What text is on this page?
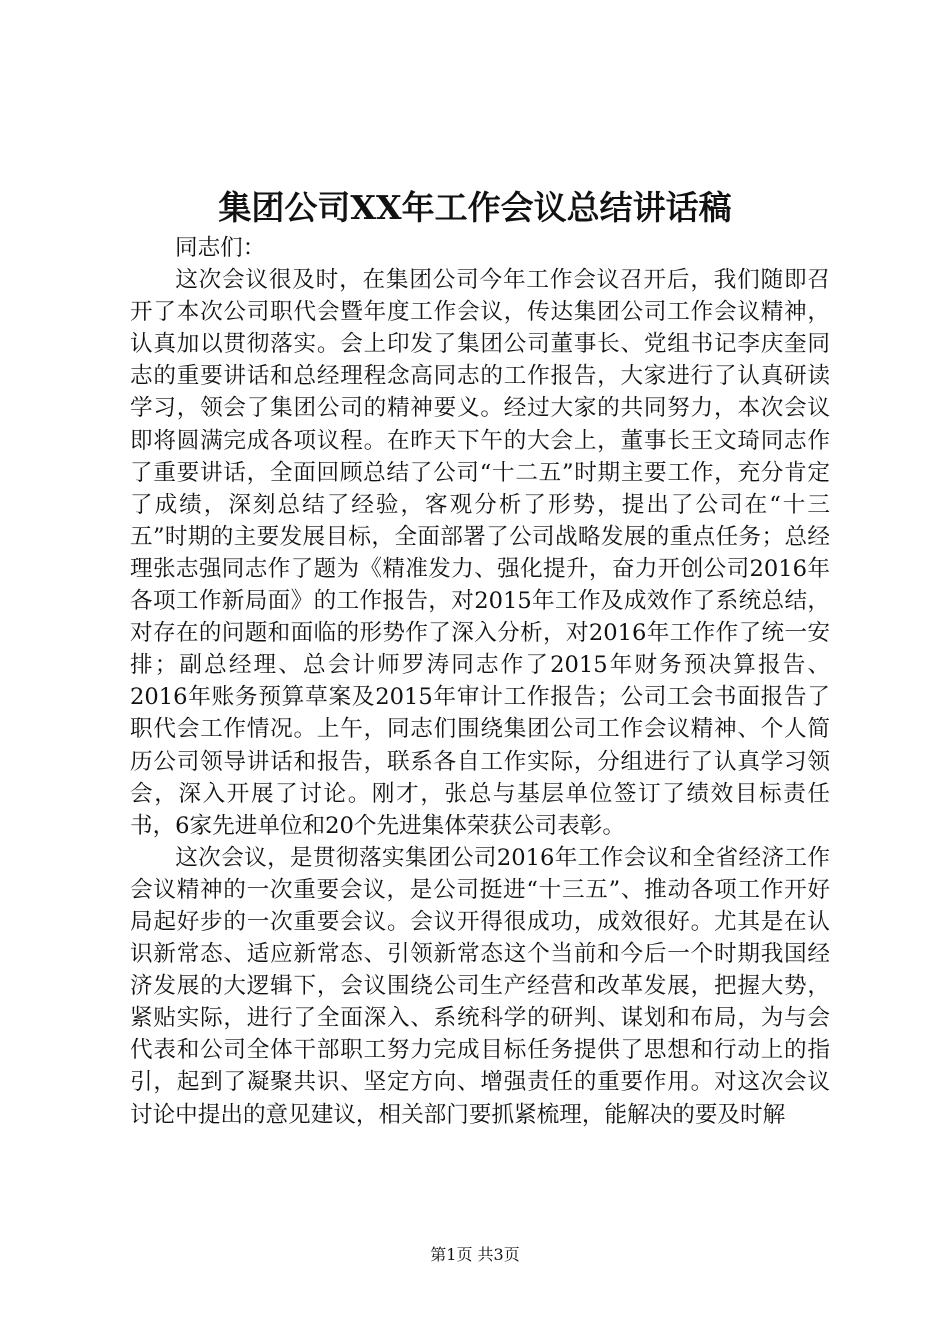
集团公司XX年工作会议总结讲话稿

同志们：

这次会议很及时，在集团公司今年工作会议召开后，我们随即召开了本次公司职代会暨年度工作会议，传达集团公司工作会议精神，认真加以贯彻落实。会上印发了集团公司董事长、党组书记李庆奎同志的重要讲话和总经理程念高同志的工作报告，大家进行了认真研读学习，领会了集团公司的精神要义。经过大家的共同努力，本次会议即将圆满完成各项议程。在昨天下午的大会上，董事长王文琦同志作了重要讲话，全面回顾总结了公司“十二五”时期主要工作，充分肯定了成绩，深刻总结了经验，客观分析了形势，提出了公司在“十三五”时期的主要发展目标，全面部署了公司战略发展的重点任务；总经理张志强同志作了题为《精准发力、强化提升，奋力开创公司2016年各项工作新局面》的工作报告，对2015年工作及成效作了系统总结，对存在的问题和面临的形势作了深入分析，对2016年工作作了统一安排；副总经理、总会计师罗涛同志作了2015年财务预决算报告、2016年账务预算草案及2015年审计工作报告；公司工会书面报告了职代会工作情况。上午，同志们围绕集团公司工作会议精神、个人简历公司领导讲话和报告，联系各自工作实际，分组进行了认真学习领会，深入开展了讨论。刚才，张总与基层单位签订了绩效目标责任书，6家先进单位和20个先进集体荣获公司表彰。

这次会议，是贯彻落实集团公司2016年工作会议和全省经济工作会议精神的一次重要会议，是公司挺进“十三五”、推动各项工作开好局起好步的一次重要会议。会议开得很成功，成效很好。尤其是在认识新常态、适应新常态、引领新常态这个当前和今后一个时期我国经济发展的大逻辑下，会议围绕公司生产经营和改革发展，把握大势，紧贴实际，进行了全面深入、系统科学的研判、谋划和布局，为与会代表和公司全体干部职工努力完成目标任务提供了思想和行动上的指引，起到了凝聚共识、坚定方向、增强责任的重要作用。对这次会议讨论中提出的意见建议，相关部门要抓紧梳理，能解决的要及时解

第1页 共3页
